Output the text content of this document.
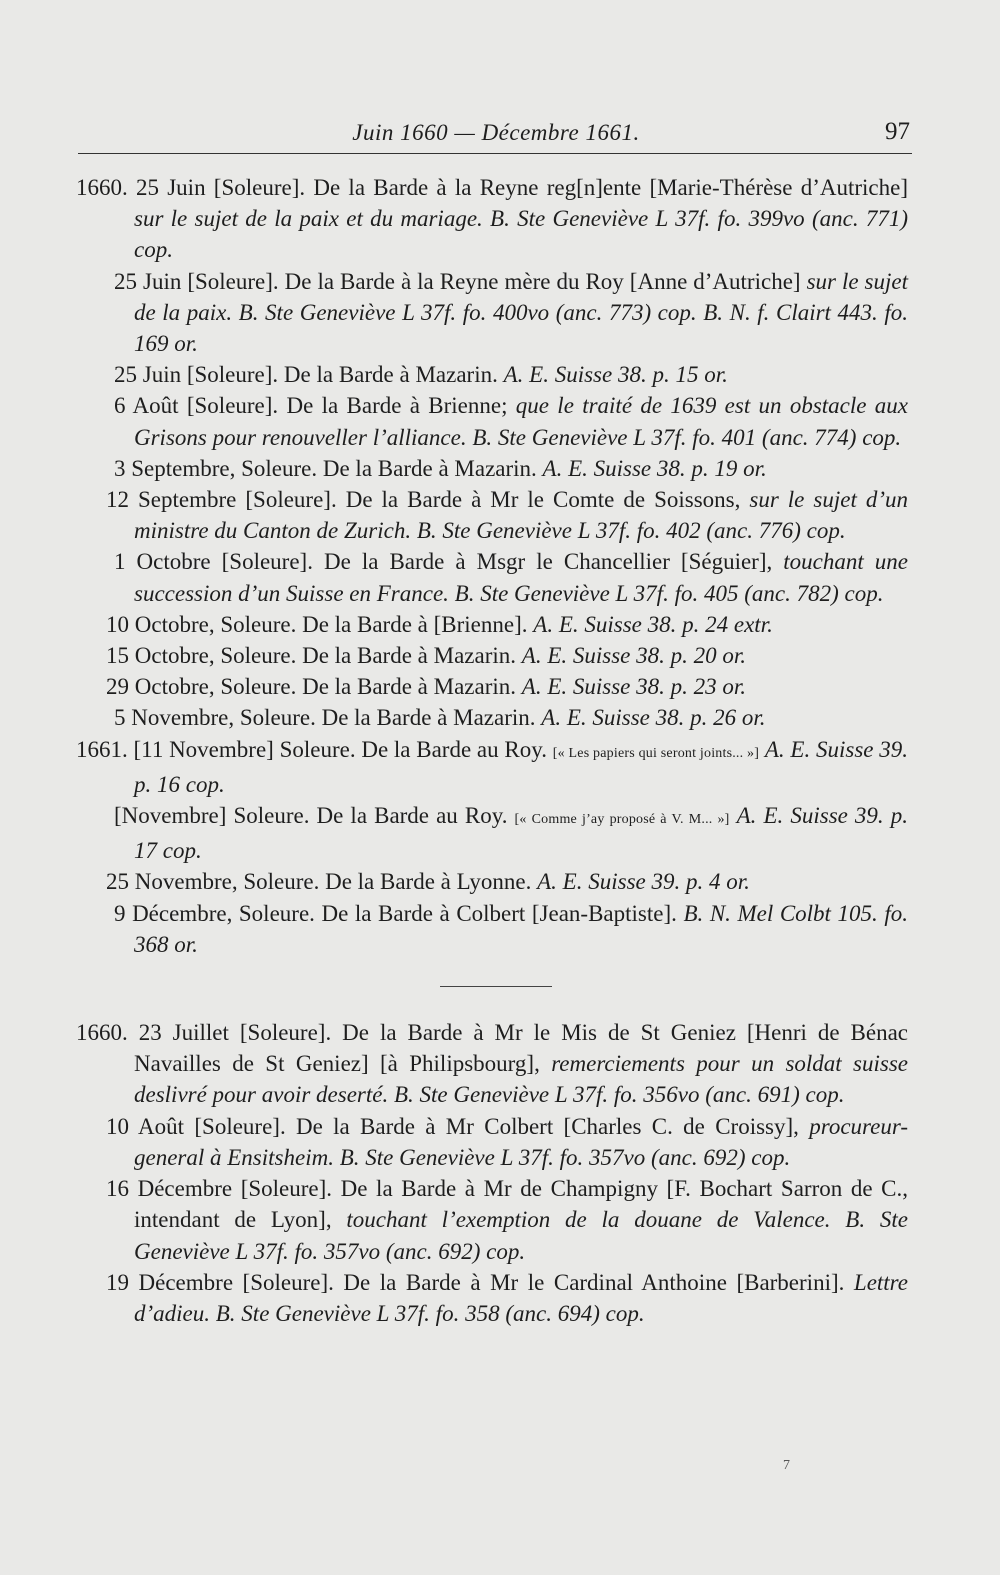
Juin 1660 — Décembre 1661.	97

1660. 25 Juin [Soleure]. De la Barde à la Reyne reg[n]ente [Marie-Thérèse d’Autriche] sur le sujet de la paix et du mariage. B. Ste Geneviève L 37f. fo. 399vo (anc. 771) cop.

25 Juin [Soleure]. De la Barde à la Reyne mère du Roy [Anne d’Autriche] sur le sujet de la paix. B. Ste Geneviève L 37f. fo. 400vo (anc. 773) cop. B. N. f. Clairt 443. fo. 169 or.

25 Juin [Soleure]. De la Barde à Mazarin. A. E. Suisse 38. p. 15 or.

6 Août [Soleure]. De la Barde à Brienne; que le traité de 1639 est un obstacle aux Grisons pour renouveller l’alliance. B. Ste Geneviève L 37f. fo. 401 (anc. 774) cop.

3 Septembre, Soleure. De la Barde à Mazarin. A. E. Suisse 38. p. 19 or.

12 Septembre [Soleure]. De la Barde à Mr le Comte de Soissons, sur le sujet d’un ministre du Canton de Zurich. B. Ste Geneviève L 37f. fo. 402 (anc. 776) cop.

1 Octobre [Soleure]. De la Barde à Msgr le Chancellier [Séguier], touchant une succession d’un Suisse en France. B. Ste Geneviève L 37f. fo. 405 (anc. 782) cop.

10 Octobre, Soleure. De la Barde à [Brienne]. A. E. Suisse 38. p. 24 extr.

15 Octobre, Soleure. De la Barde à Mazarin. A. E. Suisse 38. p. 20 or.

29 Octobre, Soleure. De la Barde à Mazarin. A. E. Suisse 38. p. 23 or.

5 Novembre, Soleure. De la Barde à Mazarin. A. E. Suisse 38. p. 26 or.

1661. [11 Novembre] Soleure. De la Barde au Roy. [« Les papiers qui seront joints... »] A. E. Suisse 39. p. 16 cop.

[Novembre] Soleure. De la Barde au Roy. [« Comme j’ay proposé à V. M... »] A. E. Suisse 39. p. 17 cop.

25 Novembre, Soleure. De la Barde à Lyonne. A. E. Suisse 39. p. 4 or.

9 Décembre, Soleure. De la Barde à Colbert [Jean-Baptiste]. B. N. Mel Colbt 105. fo. 368 or.

1660. 23 Juillet [Soleure]. De la Barde à Mr le Mis de St Geniez [Henri de Bénac Navailles de St Geniez] [à Philipsbourg], remerciements pour un soldat suisse deslivré pour avoir deserté. B. Ste Geneviève L 37f. fo. 356vo (anc. 691) cop.

10 Août [Soleure]. De la Barde à Mr Colbert [Charles C. de Croissy], procureur-general à Ensitsheim. B. Ste Geneviève L 37f. fo. 357vo (anc. 692) cop.

16 Décembre [Soleure]. De la Barde à Mr de Champigny [F. Bochart Sarron de C., intendant de Lyon], touchant l’exemption de la douane de Valence. B. Ste Geneviève L 37f. fo. 357vo (anc. 692) cop.

19 Décembre [Soleure]. De la Barde à Mr le Cardinal Anthoine [Barberini]. Lettre d’adieu. B. Ste Geneviève L 37f. fo. 358 (anc. 694) cop.

7
